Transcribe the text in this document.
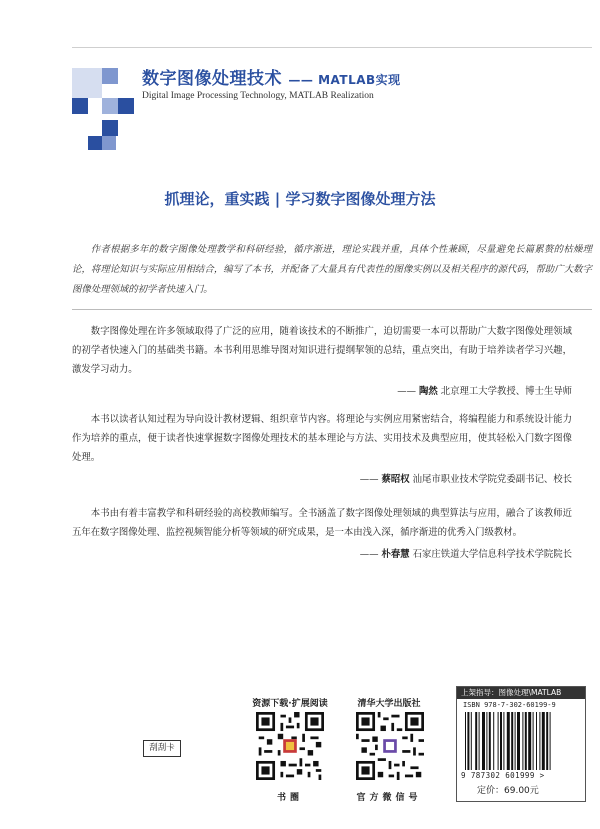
数字图像处理技术 —— MATLAB实现
Digital Image Processing Technology, MATLAB Realization
抓理论，重实践 | 学习数字图像处理方法

作者根据多年的数字图像处理教学和科研经验，循序渐进，理论实践并重，具体个性兼顾，尽量避免长篇累赘的枯燥理论，将理论知识与实际应用相结合，编写了本书，并配备了大量具有代表性的图像实例以及相关程序的源代码，帮助广大数字图像处理领域的初学者快速入门。

数字图像处理在许多领域取得了广泛的应用，随着该技术的不断推广，迫切需要一本可以帮助广大数字图像处理领域的初学者快速入门的基础类书籍。本书利用思维导图对知识进行提纲挈领的总结，重点突出，有助于培养读者学习兴趣，激发学习动力。

—— 陶然 北京理工大学教授、博士生导师

本书以读者认知过程为导向设计教材逻辑、组织章节内容。将理论与实例应用紧密结合，将编程能力和系统设计能力作为培养的重点，便于读者快速掌握数字图像处理技术的基本理论与方法、实用技术及典型应用，使其轻松入门数字图像处理。

—— 蔡昭权 汕尾市职业技术学院党委副书记、校长

本书由有着丰富教学和科研经验的高校教师编写。全书涵盖了数字图像处理领域的典型算法与应用，融合了该教师近五年在数字图像处理、监控视频智能分析等领域的研究成果，是一本由浅入深，循序渐进的优秀入门级教材。

—— 朴春慧 石家庄铁道大学信息科学技术学院院长
刮刮卡
资源下载·扩展阅读
书圈
清华大学出版社
官方微信号
上架指导：图像处理\MATLAB
ISBN 978-7-302-60199-9
9 787302 601999 >
定价：69.00元
